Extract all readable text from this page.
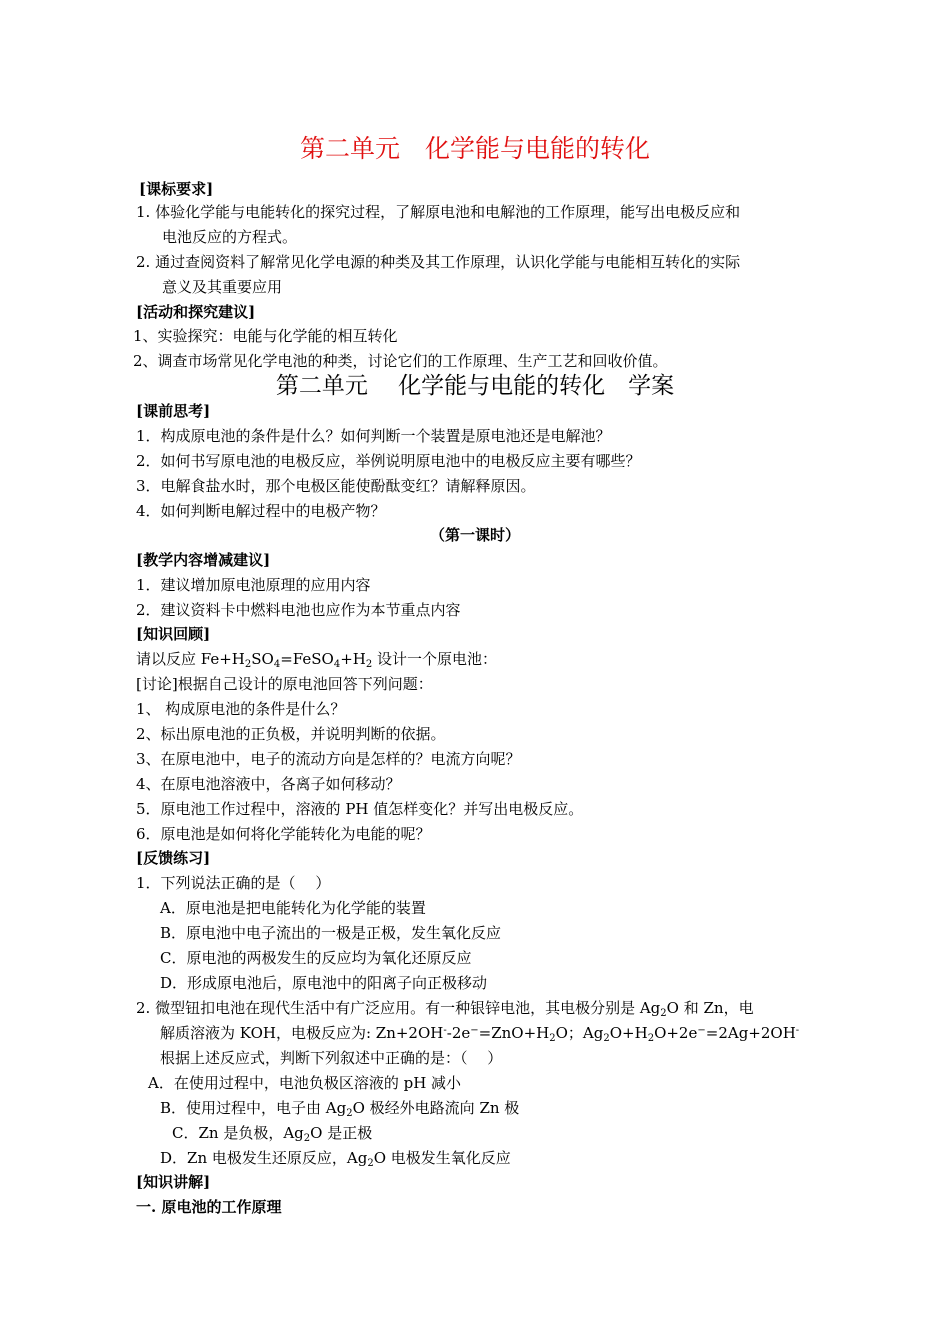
第二单元　化学能与电能的转化
[课标要求]
1. 体验化学能与电能转化的探究过程，了解原电池和电解池的工作原理，能写出电极反应和
电池反应的方程式。
2. 通过查阅资料了解常见化学电源的种类及其工作原理，认识化学能与电能相互转化的实际
意义及其重要应用
[活动和探究建议]
1、实验探究：电能与化学能的相互转化
2、调查市场常见化学电池的种类，讨论它们的工作原理、生产工艺和回收价值。
第二单元　 化学能与电能的转化　学案
[课前思考]
1．构成原电池的条件是什么？如何判断一个装置是原电池还是电解池？
2．如何书写原电池的电极反应，举例说明原电池中的电极反应主要有哪些？
3．电解食盐水时，那个电极区能使酚酞变红？请解释原因。
4．如何判断电解过程中的电极产物？
（第一课时）
[教学内容增减建议]
1．建议增加原电池原理的应用内容
2．建议资料卡中燃料电池也应作为本节重点内容
[知识回顾]
请以反应 $Fe+H_2SO_4=FeSO_4+H_2$ 设计一个原电池：
[讨论]根据自己设计的原电池回答下列问题：
1、 构成原电池的条件是什么？
2、标出原电池的正负极，并说明判断的依据。
3、在原电池中，电子的流动方向是怎样的？电流方向呢？
4、在原电池溶液中，各离子如何移动？
5．原电池工作过程中，溶液的 PH 值怎样变化？并写出电极反应。
6．原电池是如何将化学能转化为电能的呢？
[反馈练习]
1．下列说法正确的是（　 ）
A．原电池是把电能转化为化学能的装置
B．原电池中电子流出的一极是正极，发生氧化反应
C．原电池的两极发生的反应均为氧化还原反应
D．形成原电池后，原电池中的阳离子向正极移动
2. 微型钮扣电池在现代生活中有广泛应用。有一种银锌电池，其电极分别是 $Ag_2O$ 和 Zn，电
解质溶液为 KOH，电极反应为: $Zn+2OH^--2e^-=ZnO+H_2O$；$Ag_2O+H_2O+2e^-=2Ag+2OH^-$
根据上述反应式，判断下列叙述中正确的是：（　 ）
A．在使用过程中，电池负极区溶液的 pH 减小
B．使用过程中，电子由 $Ag_2O$ 极经外电路流向 Zn 极
C．Zn 是负极，$Ag_2O$ 是正极
D．Zn 电极发生还原反应，$Ag_2O$ 电极发生氧化反应
[知识讲解]
一. 原电池的工作原理
